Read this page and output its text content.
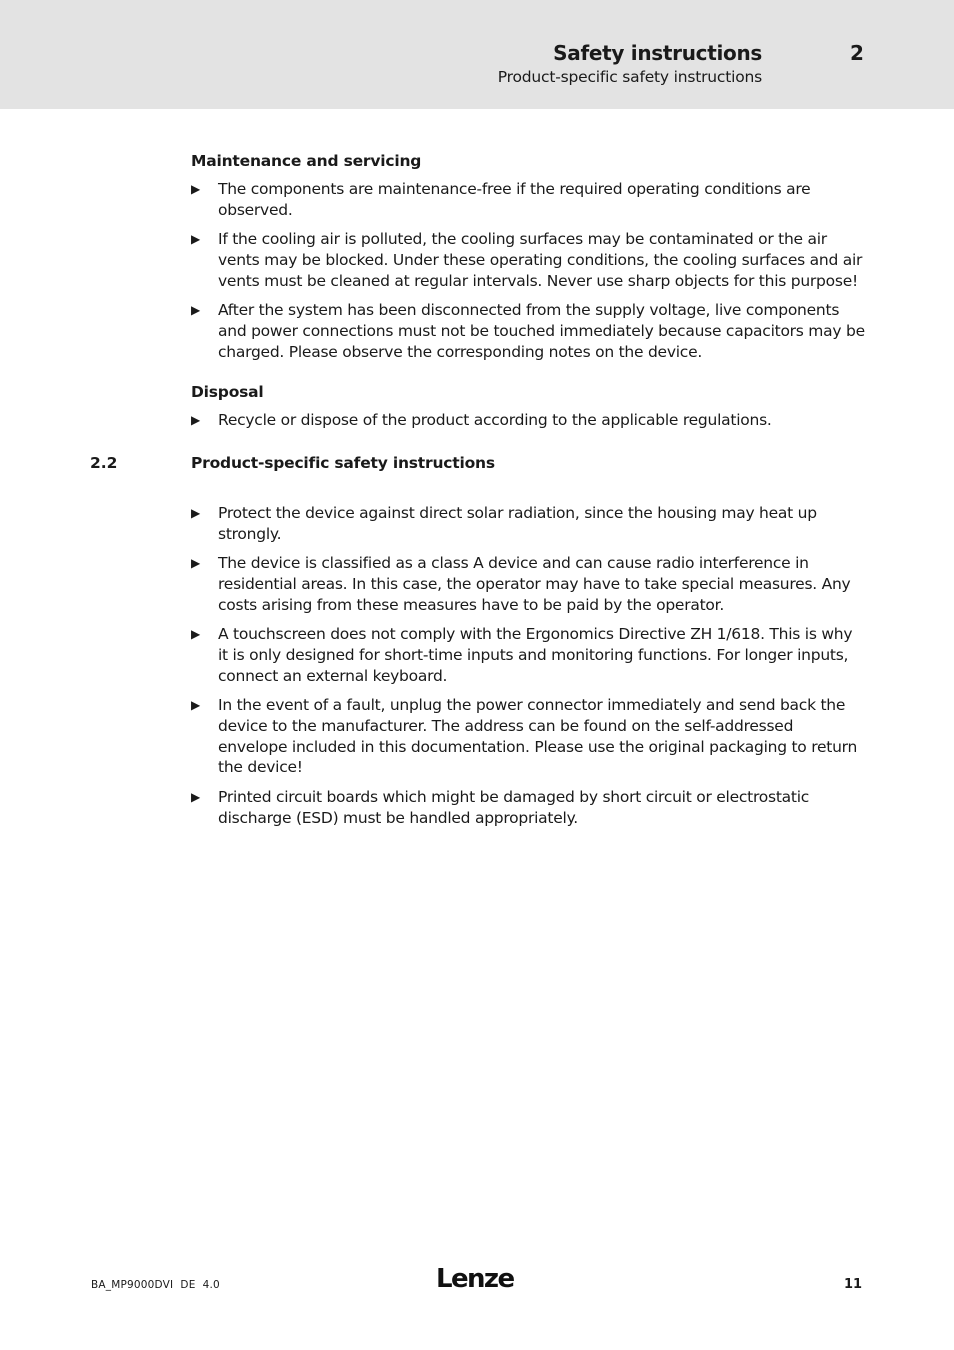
Safety instructions	2
Product-specific safety instructions
Maintenance and servicing
▶ The components are maintenance-free if the required operating conditions are observed.
▶ If the cooling air is polluted, the cooling surfaces may be contaminated or the air vents may be blocked. Under these operating conditions, the cooling surfaces and air vents must be cleaned at regular intervals. Never use sharp objects for this purpose!
▶ After the system has been disconnected from the supply voltage, live components and power connections must not be touched immediately because capacitors may be charged. Please observe the corresponding notes on the device.
Disposal
▶ Recycle or dispose of the product according to the applicable regulations.
2.2	Product-specific safety instructions
▶ Protect the device against direct solar radiation, since the housing may heat up strongly.
▶ The device is classified as a class A device and can cause radio interference in residential areas. In this case, the operator may have to take special measures. Any costs arising from these measures have to be paid by the operator.
▶ A touchscreen does not comply with the Ergonomics Directive ZH 1/618. This is why it is only designed for short-time inputs and monitoring functions. For longer inputs, connect an external keyboard.
▶ In the event of a fault, unplug the power connector immediately and send back the device to the manufacturer. The address can be found on the self-addressed envelope included in this documentation. Please use the original packaging to return the device!
▶ Printed circuit boards which might be damaged by short circuit or electrostatic discharge (ESD) must be handled appropriately.
BA_MP9000DVI  DE  4.0	Lenze	11
